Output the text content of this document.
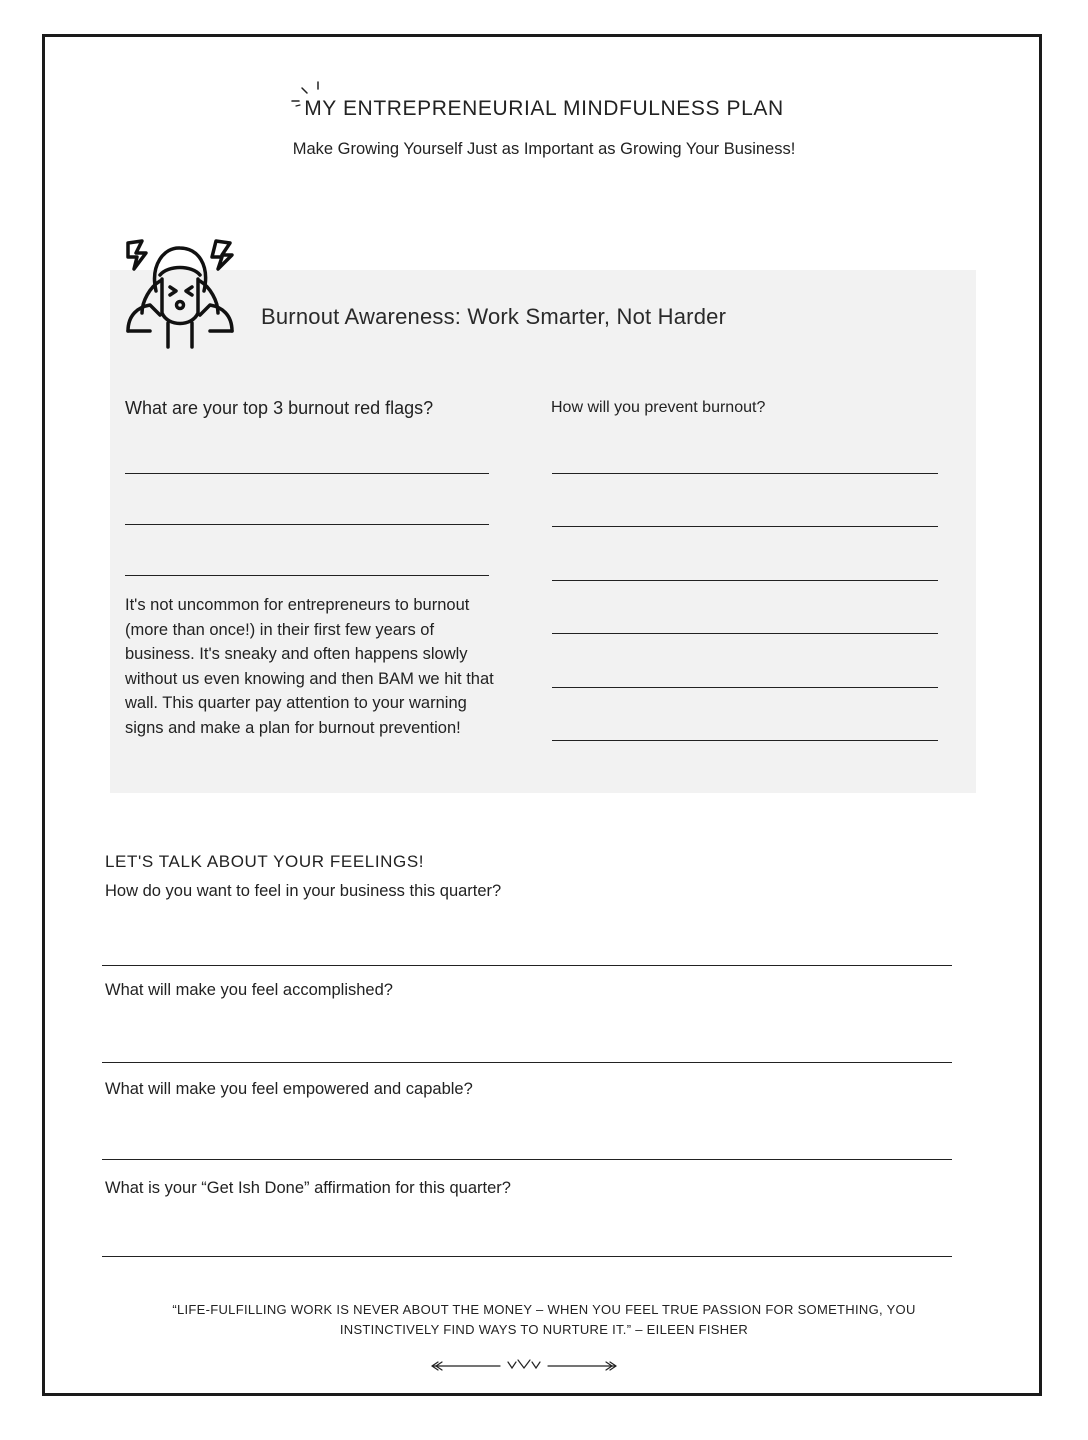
MY ENTREPRENEURIAL MINDFULNESS PLAN
Make Growing Yourself Just as Important as Growing Your Business!
Burnout Awareness: Work Smarter, Not Harder
What are your top 3 burnout red flags?	How will you prevent burnout?
It's not uncommon for entrepreneurs to burnout (more than once!) in their first few years of business. It's sneaky and often happens slowly without us even knowing and then BAM we hit that wall. This quarter pay attention to your warning signs and make a plan for burnout prevention!
LET'S TALK ABOUT YOUR FEELINGS!
How do you want to feel in your business this quarter?
What will make you feel accomplished?
What will make you feel empowered and capable?
What is your “Get Ish Done” affirmation for this quarter?
“LIFE-FULFILLING WORK IS NEVER ABOUT THE MONEY – WHEN YOU FEEL TRUE PASSION FOR SOMETHING, YOU INSTINCTIVELY FIND WAYS TO NURTURE IT.” – EILEEN FISHER
